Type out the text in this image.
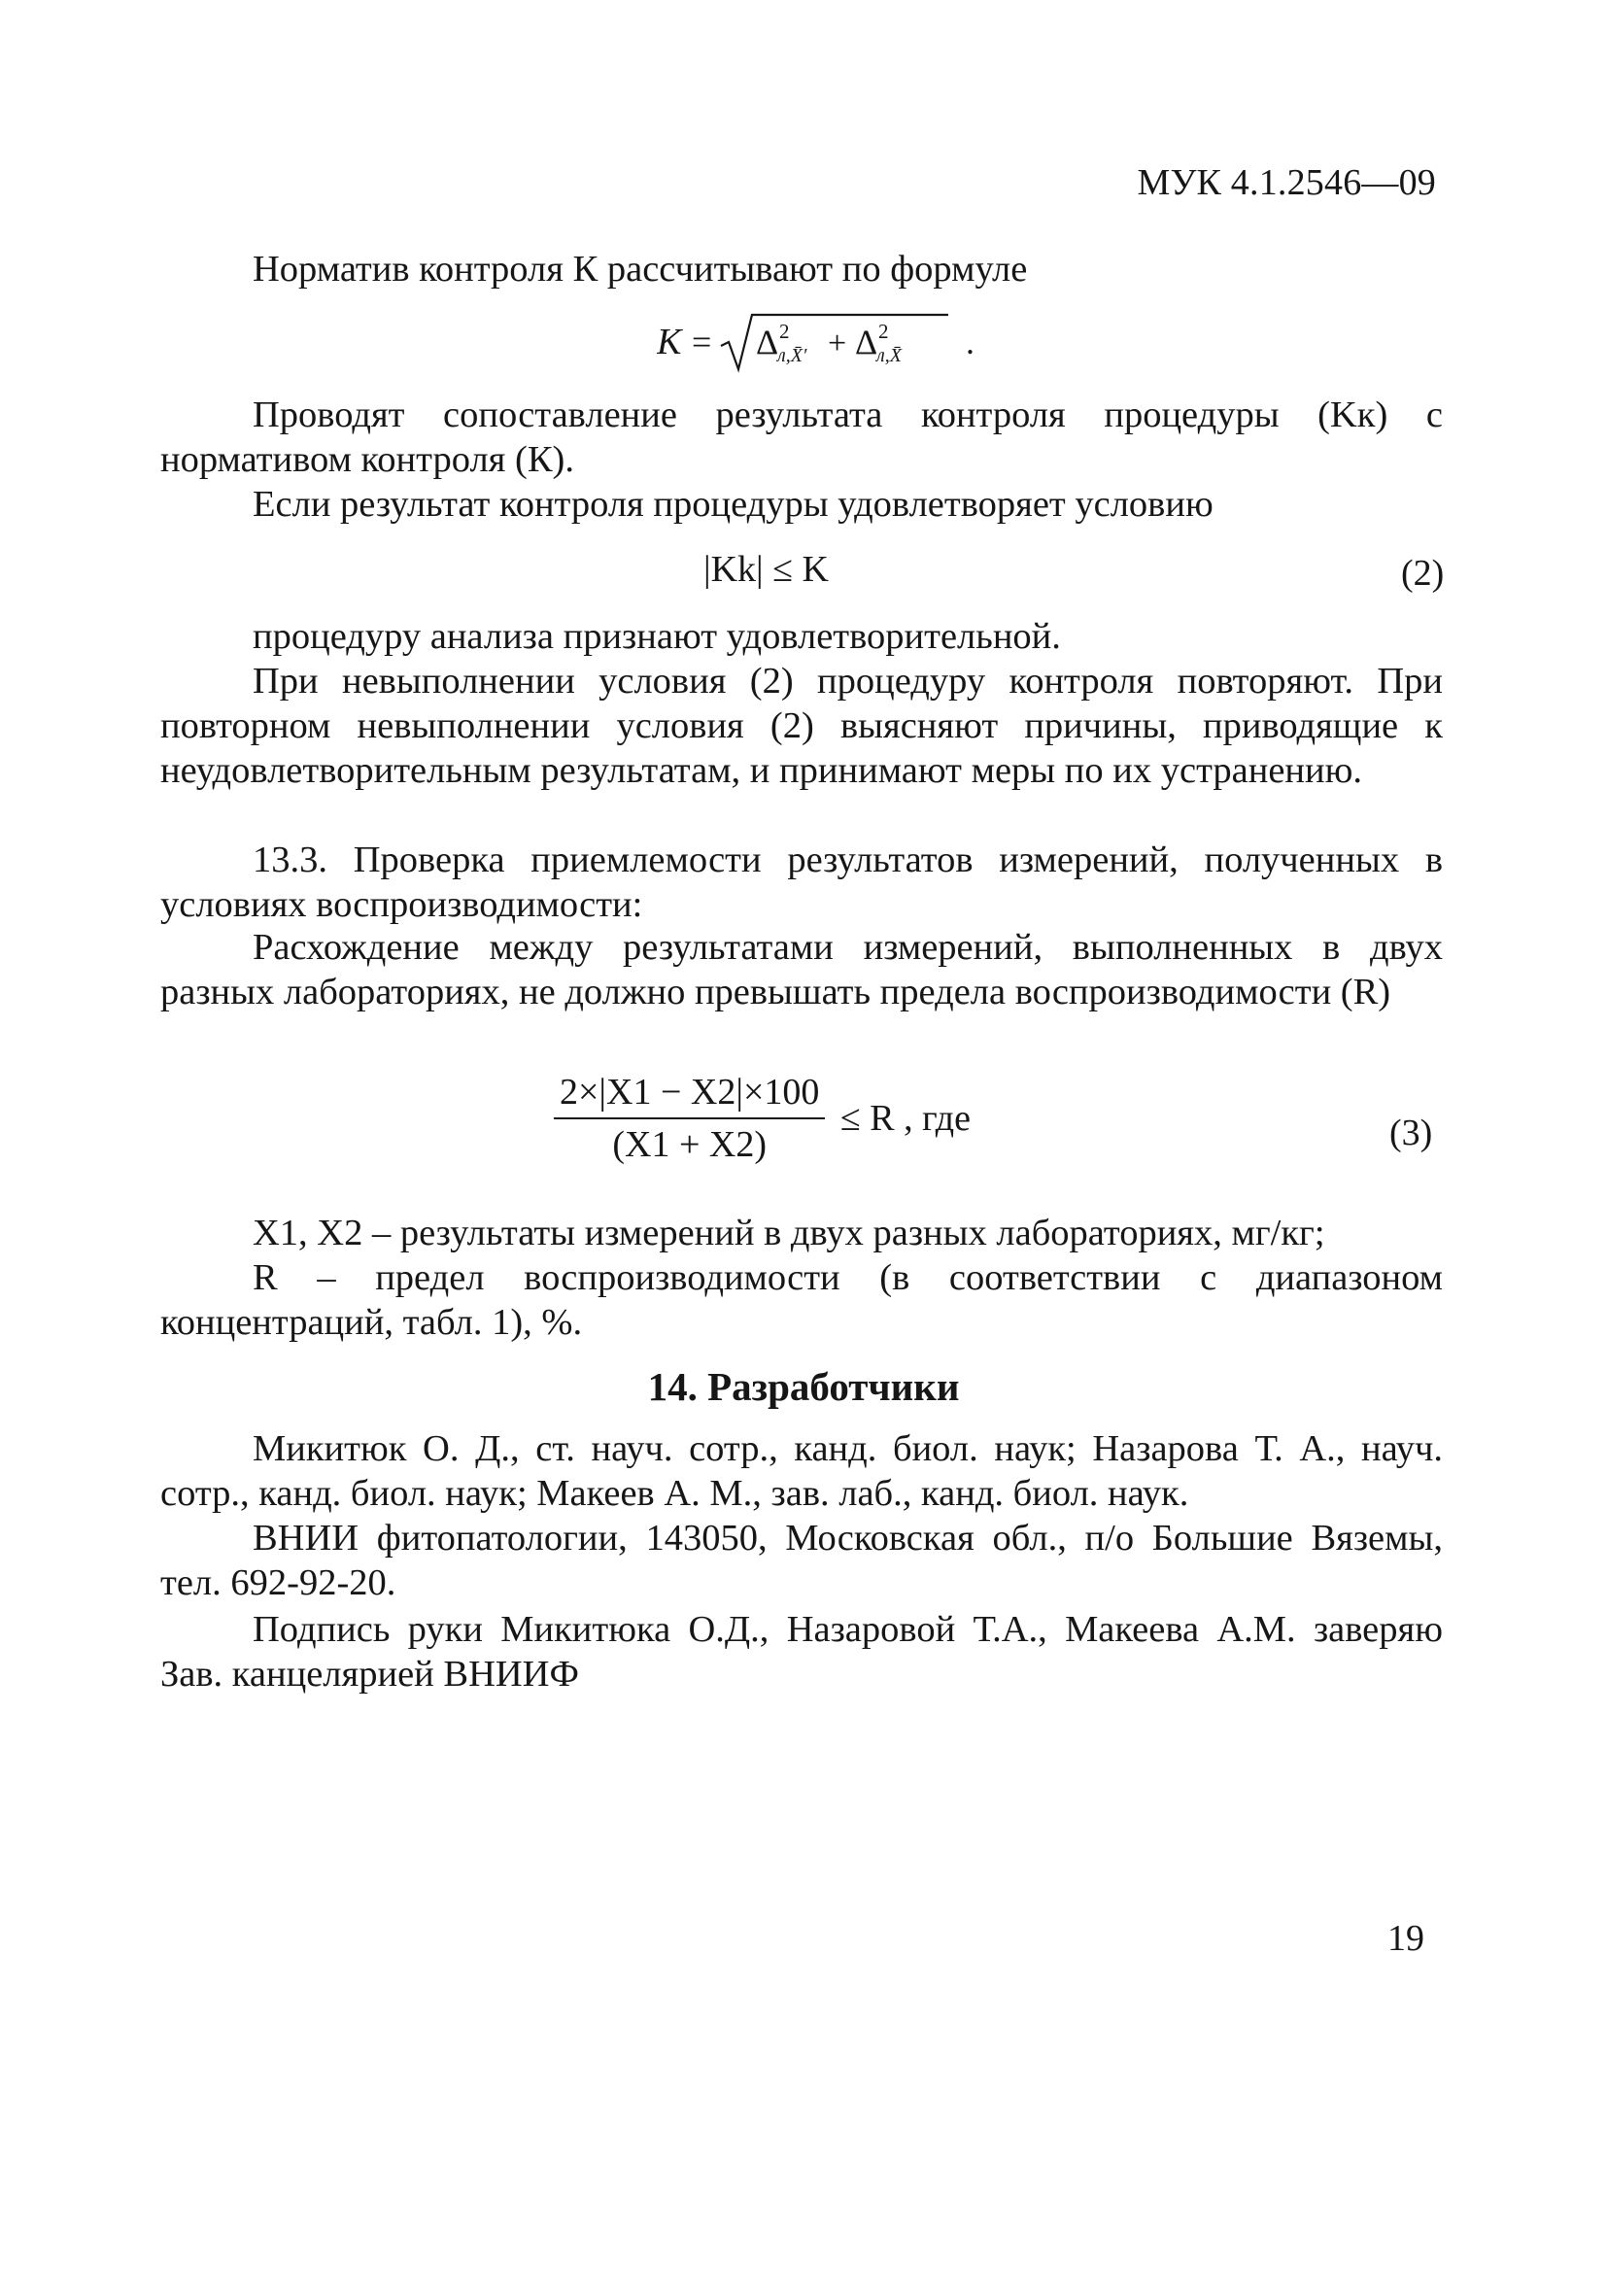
МУК 4.1.2546—09

Норматив контроля К рассчитывают по формуле

K = Δ 2
л,X̄′ + Δ 2
л,X̄ .

Проводят сопоставление результата контроля процедуры (Kк) с нормативом контроля (К).

Если результат контроля процедуры удовлетворяет условию

|Kk| ≤ K	(2)

процедуру анализа признают удовлетворительной.

При невыполнении условия (2) процедуру контроля повторяют. При повторном невыполнении условия (2) выясняют причины, приводящие к неудовлетворительным результатам, и принимают меры по их устранению.

13.3. Проверка приемлемости результатов измерений, полученных в условиях воспроизводимости:

Расхождение между результатами измерений, выполненных в двух разных лабораториях, не должно превышать предела воспроизводимости (R)

$\frac{2\times|X1 - X2|\times 100}{(X1 + X2)} \le R$ , где	(3)

X1, X2 – результаты измерений в двух разных лабораториях, мг/кг;

R – предел воспроизводимости (в соответствии с диапазоном концентраций, табл. 1), %.

14. Разработчики

Микитюк О. Д., ст. науч. сотр., канд. биол. наук; Назарова Т. А., науч. сотр., канд. биол. наук; Макеев А. М., зав. лаб., канд. биол. наук.

ВНИИ фитопатологии, 143050, Московская обл., п/о Большие Вяземы, тел. 692-92-20.

Подпись руки Микитюка О.Д., Назаровой Т.А., Макеева А.М. заверяю Зав. канцелярией ВНИИФ

19
